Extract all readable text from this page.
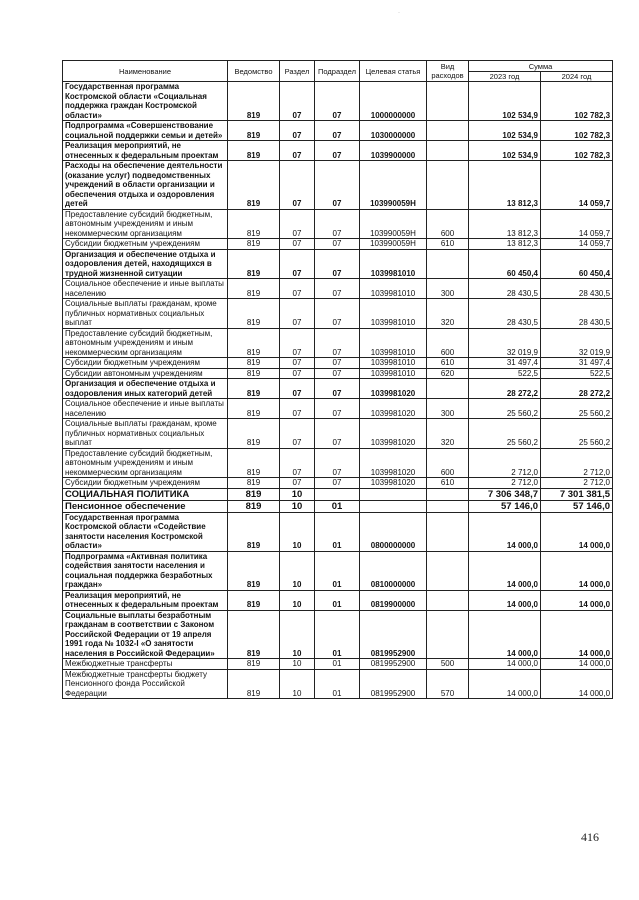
·
Наименование	Ведомство	Раздел	Подраздел	Целевая статья	Вид расходов	Сумма	
						2023 год	2024 год
Государственная программа Костромской области «Социальная поддержка граждан Костромской области»	819	07	07	1000000000		102 534,9	102 782,3
Подпрограмма «Совершенствование социальной поддержки семьи и детей»	819	07	07	1030000000		102 534,9	102 782,3
Реализация мероприятий, не отнесенных к федеральным проектам	819	07	07	1039900000		102 534,9	102 782,3
Расходы на обеспечение деятельности (оказание услуг) подведомственных учреждений в области организации и обеспечения отдыха и оздоровления детей	819	07	07	103990059Н		13 812,3	14 059,7
Предоставление субсидий бюджетным, автономным учреждениям и иным некоммерческим организациям	819	07	07	103990059Н	600	13 812,3	14 059,7
Субсидии бюджетным учреждениям	819	07	07	103990059Н	610	13 812,3	14 059,7
Организация и обеспечение отдыха и оздоровления детей, находящихся в трудной жизненной ситуации	819	07	07	1039981010		60 450,4	60 450,4
Социальное обеспечение и иные выплаты населению	819	07	07	1039981010	300	28 430,5	28 430,5
Социальные выплаты гражданам, кроме публичных нормативных социальных выплат	819	07	07	1039981010	320	28 430,5	28 430,5
Предоставление субсидий бюджетным, автономным учреждениям и иным некоммерческим организациям	819	07	07	1039981010	600	32 019,9	32 019,9
Субсидии бюджетным учреждениям	819	07	07	1039981010	610	31 497,4	31 497,4
Субсидии автономным учреждениям	819	07	07	1039981010	620	522,5	522,5
Организация и обеспечение отдыха и оздоровления иных категорий детей	819	07	07	1039981020		28 272,2	28 272,2
Социальное обеспечение и иные выплаты населению	819	07	07	1039981020	300	25 560,2	25 560,2
Социальные выплаты гражданам, кроме публичных нормативных социальных выплат	819	07	07	1039981020	320	25 560,2	25 560,2
Предоставление субсидий бюджетным, автономным учреждениям и иным некоммерческим организациям	819	07	07	1039981020	600	2 712,0	2 712,0
Субсидии бюджетным учреждениям	819	07	07	1039981020	610	2 712,0	2 712,0
СОЦИАЛЬНАЯ ПОЛИТИКА	819	10				7 306 348,7	7 301 381,5
Пенсионное обеспечение	819	10	01			57 146,0	57 146,0
Государственная программа Костромской области «Содействие занятости населения Костромской области»	819	10	01	0800000000		14 000,0	14 000,0
Подпрограмма «Активная политика содействия занятости населения и социальная поддержка безработных граждан»	819	10	01	0810000000		14 000,0	14 000,0
Реализация мероприятий, не отнесенных к федеральным проектам	819	10	01	0819900000		14 000,0	14 000,0
Социальные выплаты безработным гражданам в соответствии с Законом Российской Федерации от 19 апреля 1991 года № 1032-I «О занятости населения в Российской Федерации»	819	10	01	0819952900		14 000,0	14 000,0
Межбюджетные трансферты	819	10	01	0819952900	500	14 000,0	14 000,0
Межбюджетные трансферты бюджету Пенсионного фонда Российской Федерации	819	10	01	0819952900	570	14 000,0	14 000,0
416
